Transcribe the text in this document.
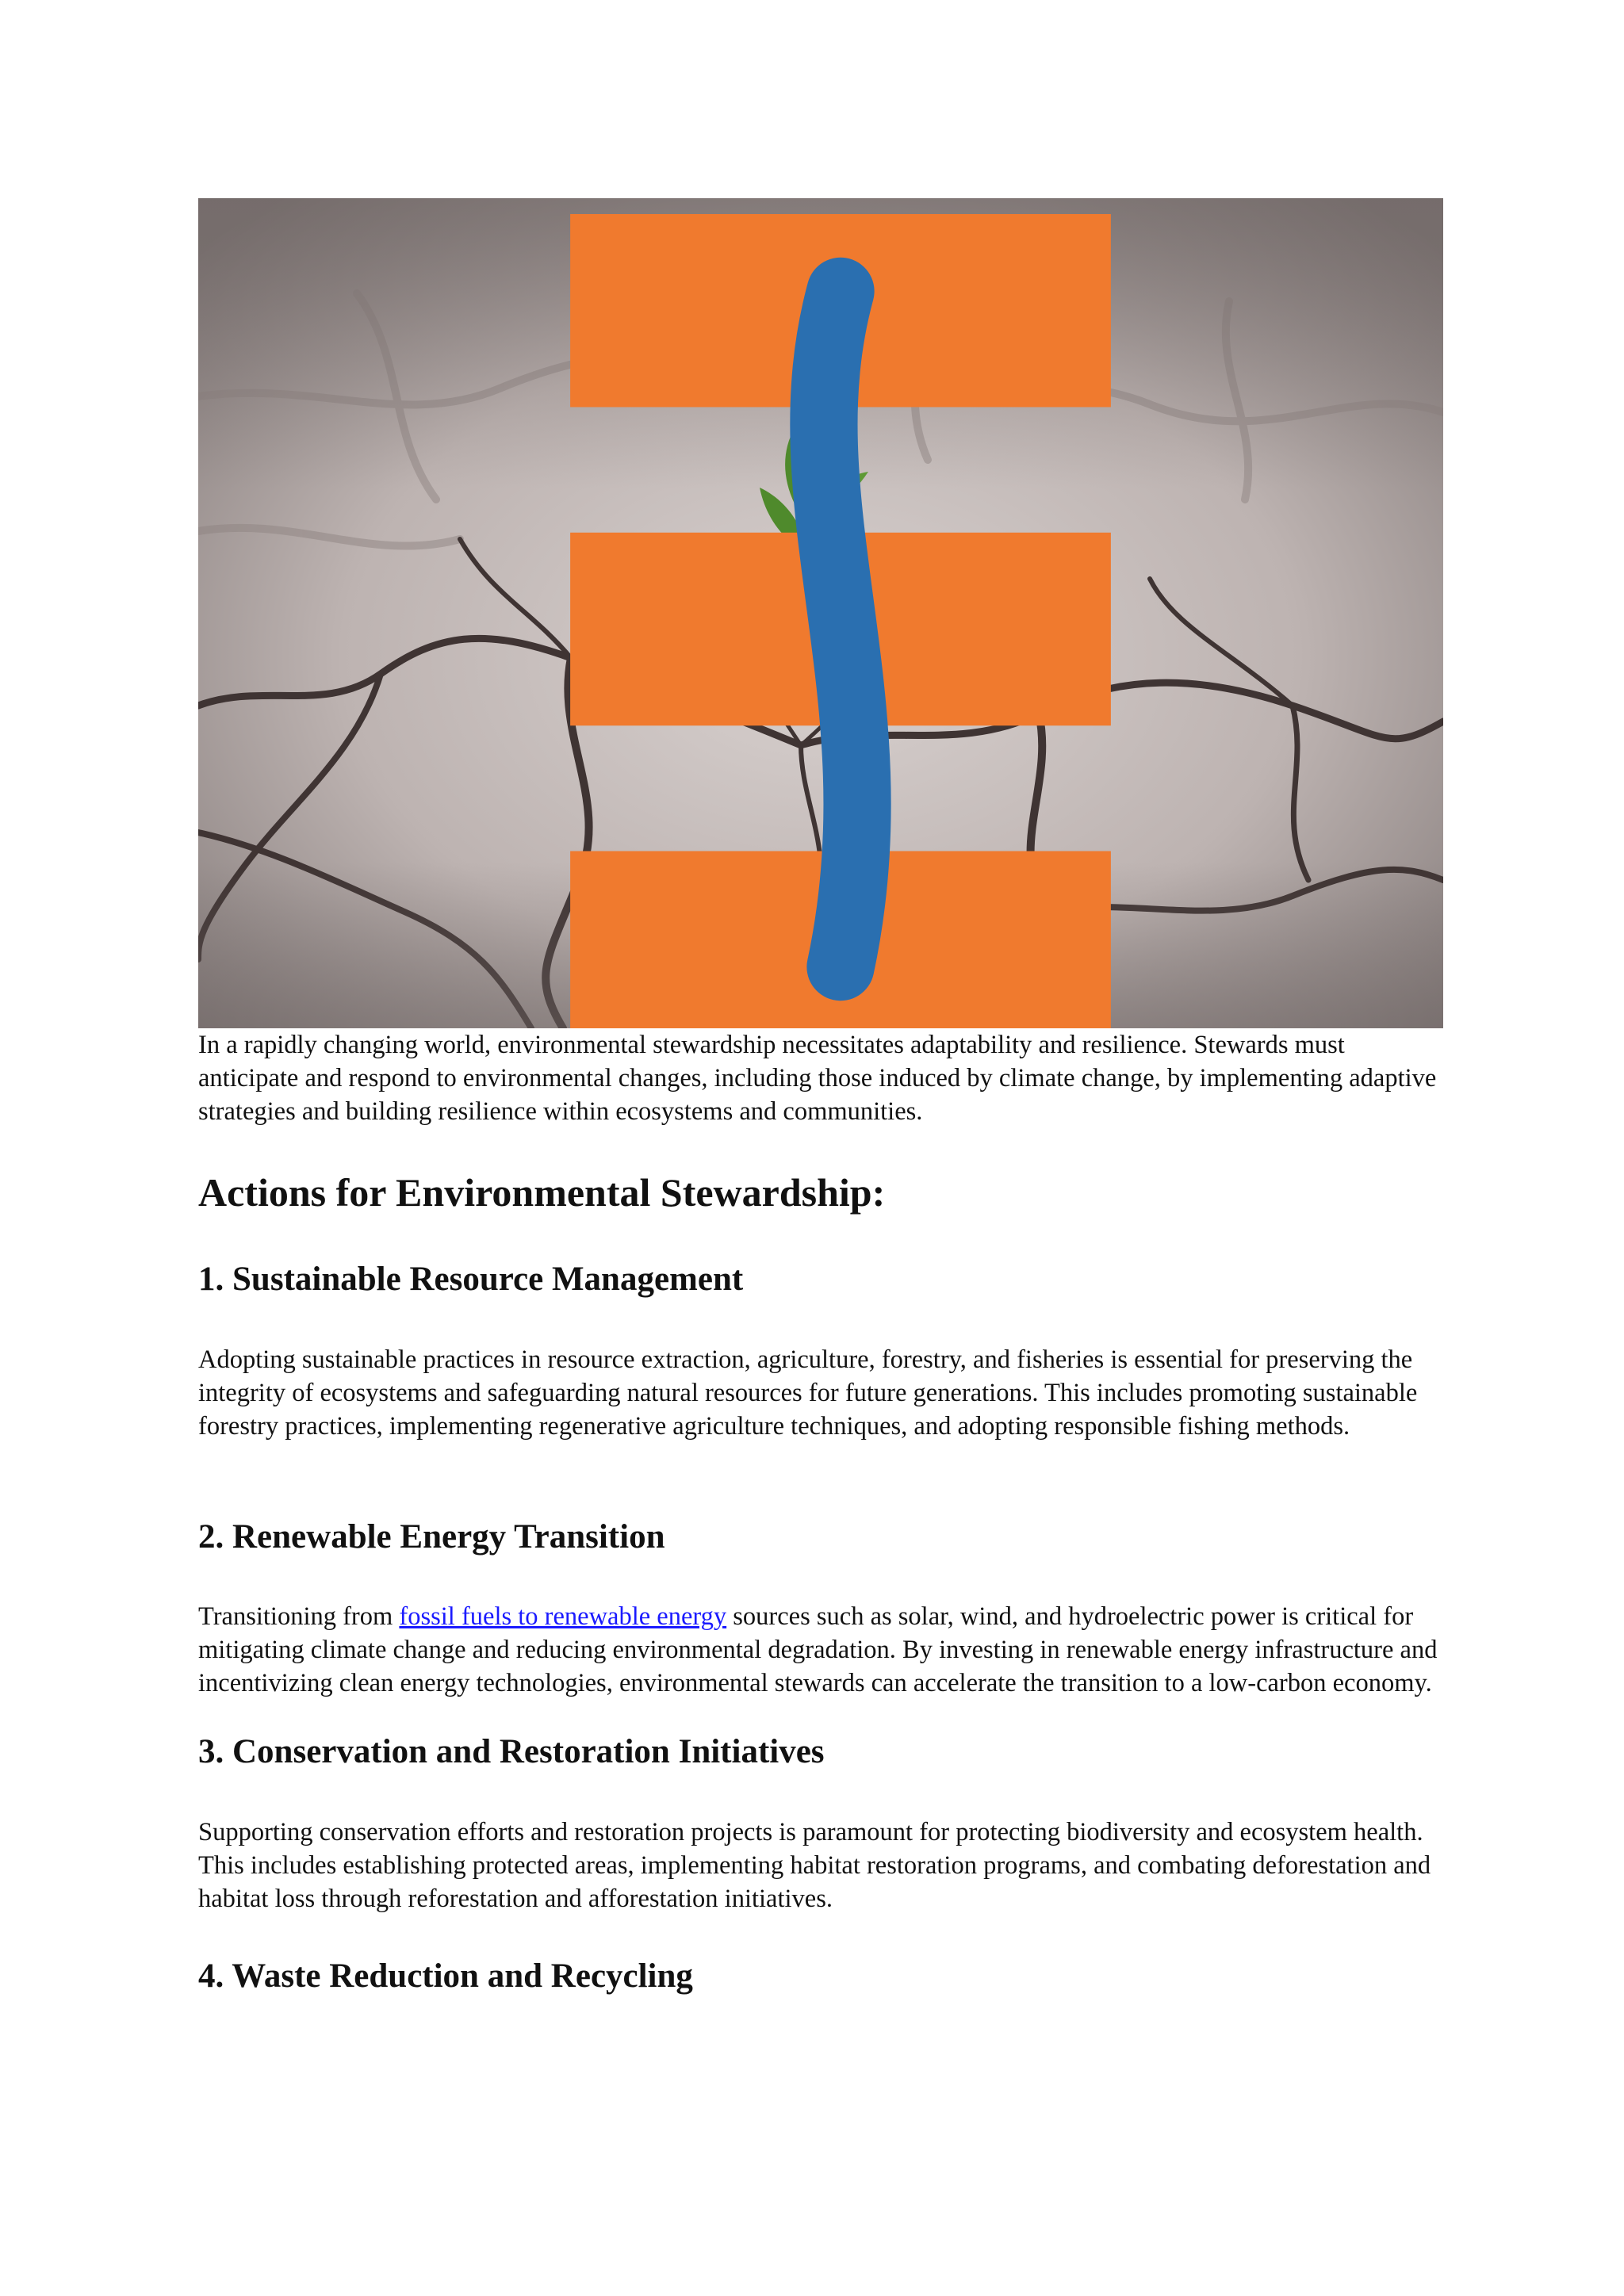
In a rapidly changing world, environmental stewardship necessitates adaptability and resilience. Stewards must anticipate and respond to environmental changes, including those induced by climate change, by implementing adaptive strategies and building resilience within ecosystems and communities.

Actions for Environmental Stewardship:
1. Sustainable Resource Management

Adopting sustainable practices in resource extraction, agriculture, forestry, and fisheries is essential for preserving the integrity of ecosystems and safeguarding natural resources for future generations. This includes promoting sustainable forestry practices, implementing regenerative agriculture techniques, and adopting responsible fishing methods.

2. Renewable Energy Transition

Transitioning from fossil fuels to renewable energy sources such as solar, wind, and hydroelectric power is critical for mitigating climate change and reducing environmental degradation. By investing in renewable energy infrastructure and incentivizing clean energy technologies, environmental stewards can accelerate the transition to a low-carbon economy.

3. Conservation and Restoration Initiatives

Supporting conservation efforts and restoration projects is paramount for protecting biodiversity and ecosystem health. This includes establishing protected areas, implementing habitat restoration programs, and combating deforestation and habitat loss through reforestation and afforestation initiatives.

4. Waste Reduction and Recycling
